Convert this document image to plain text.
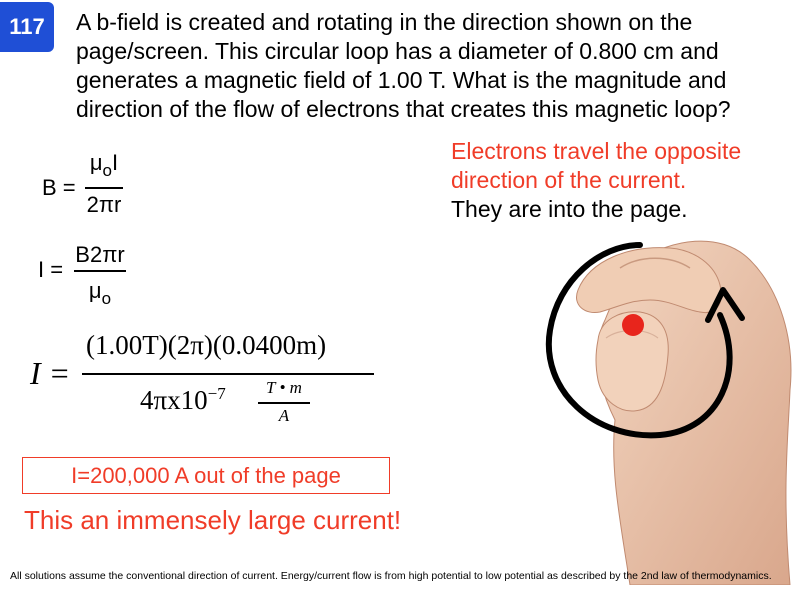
117	A b-field is created and rotating in the direction shown on the page/screen. This circular loop has a diameter of 0.800 cm and generates a magnetic field of 1.00 T. What is the magnitude and direction of the flow of electrons that creates this magnetic loop?
Electrons travel the opposite
direction of the current.
They are into the page.
B =
$\mu_oI$
2πr
I =
B2πr
$\mu_o$
I =
(1.00T)(2π)(0.0400m)
$4\pi x10^{-7}$	T • m
A
I=200,000 A out of the page
This an immensely large current!
All solutions assume the conventional direction of current. Energy/current flow is from high potential to low potential as described by the 2nd law of thermodynamics.
